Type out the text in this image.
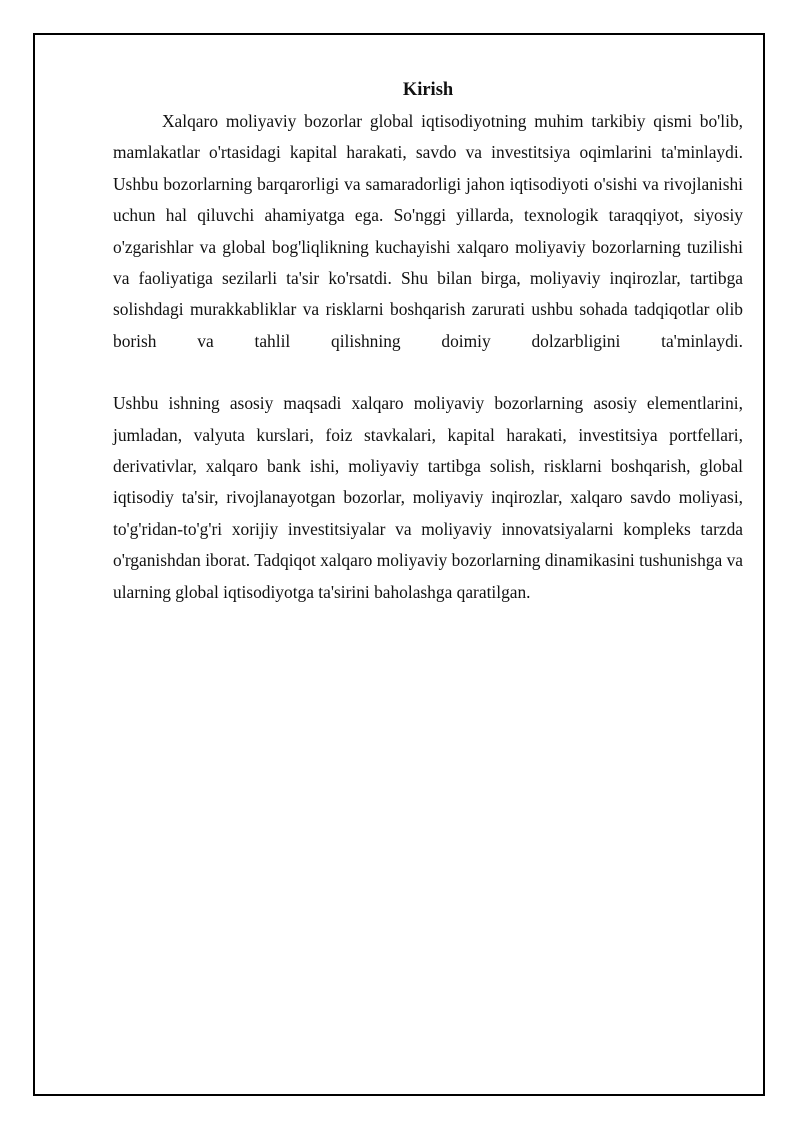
Kirish

Xalqaro moliyaviy bozorlar global iqtisodiyotning muhim tarkibiy qismi bo'lib, mamlakatlar o'rtasidagi kapital harakati, savdo va investitsiya oqimlarini ta'minlaydi. Ushbu bozorlarning barqarorligi va samaradorligi jahon iqtisodiyoti o'sishi va rivojlanishi uchun hal qiluvchi ahamiyatga ega. So'nggi yillarda, texnologik taraqqiyot, siyosiy o'zgarishlar va global bog'liqlikning kuchayishi xalqaro moliyaviy bozorlarning tuzilishi va faoliyatiga sezilarli ta'sir ko'rsatdi. Shu bilan birga, moliyaviy inqirozlar, tartibga solishdagi murakkabliklar va risklarni boshqarish zarurati ushbu sohada tadqiqotlar olib borish va tahlil qilishning doimiy dolzarbligini ta'minlaydi.

Ushbu ishning asosiy maqsadi xalqaro moliyaviy bozorlarning asosiy elementlarini, jumladan, valyuta kurslari, foiz stavkalari, kapital harakati, investitsiya portfellari, derivativlar, xalqaro bank ishi, moliyaviy tartibga solish, risklarni boshqarish, global iqtisodiy ta'sir, rivojlanayotgan bozorlar, moliyaviy inqirozlar, xalqaro savdo moliyasi, to'g'ridan-to'g'ri xorijiy investitsiyalar va moliyaviy innovatsiyalarni kompleks tarzda o'rganishdan iborat. Tadqiqot xalqaro moliyaviy bozorlarning dinamikasini tushunishga va ularning global iqtisodiyotga ta'sirini baholashga qaratilgan.
